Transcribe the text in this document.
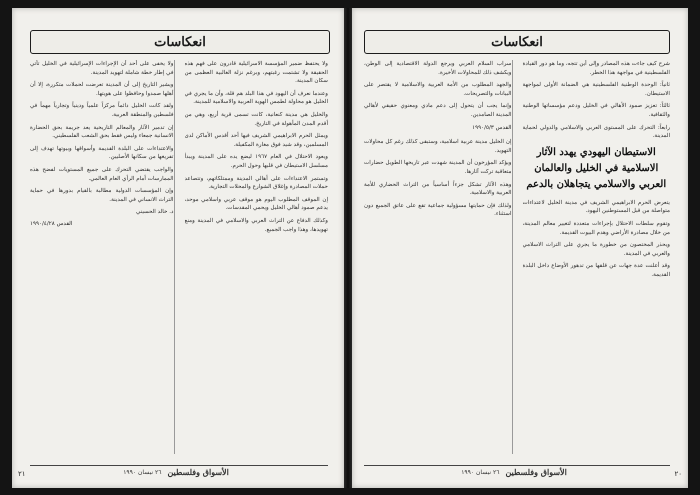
انعكاسات

ولا يحتفظ ضمير المؤسسة الاسرائيلية قادرون على فهم هذه الحقيقة ولا تشتمت رغبتهم، وبرغم نزلة الغالبية العظمى من سكان المدينة.

وعندما نعرف أن اليهود في هذا البلد هم قلة، وأن ما يجري في الخليل هو محاولة لطمس الهوية العربية والاسلامية للمدينة.

والخليل هي مدينة كنعانية، كانت تسمى قرية أربع، وهي من أقدم المدن المأهولة في التاريخ.

ويمثل الحرم الابراهيمي الشريف فيها أحد أقدس الأماكن لدى المسلمين، وقد شيد فوق مغارة المكفيلة.

ويعود الاحتلال في العام ١٩٦٧ ليضع يده على المدينة ويبدأ مسلسل الاستيطان في قلبها وحول الحرم.

وتستمر الاعتداءات على أهالي المدينة وممتلكاتهم، وتتصاعد حملات المصادرة وإغلاق الشوارع والمحلات التجارية.

إن الموقف المطلوب اليوم هو موقف عربي واسلامي موحد، يدعم صمود أهالي الخليل ويحمي المقدسات.

وكذلك الدفاع عن التراث العربي والاسلامي في المدينة ومنع تهويدها، وهذا واجب الجميع.

ولا يخفى على أحد أن الإجراءات الإسرائيلية في الخليل تأتي في إطار خطة شاملة لتهويد المدينة.

ويشير التاريخ إلى أن المدينة تعرضت لحملات متكررة، إلا أن أهلها صمدوا وحافظوا على هويتها.

ولقد كانت الخليل دائماً مركزاً علمياً ودينياً وتجارياً مهماً في فلسطين والمنطقة العربية.

إن تدمير الآثار والمعالم التاريخية يعد جريمة بحق الحضارة الانسانية جمعاء وليس فقط بحق الشعب الفلسطيني.

والاعتداءات على البلدة القديمة وأسواقها وبيوتها تهدف إلى تفريغها من سكانها الأصليين.

والواجب يقتضي التحرك على جميع المستويات لفضح هذه الممارسات أمام الرأي العام العالمي.

وإن المؤسسات الدولية مطالبة بالقيام بدورها في حماية التراث الانساني في المدينة.

د. خالد الحسيني

القدس ١٩٩٠/٤/٢٨
الأسواق وفلسطين
٢٦ نيسان ١٩٩٠
٢١
انعكاسات

شرح كيف جاءت هذه المصادر وإلى أين تتجه، وما هو دور القيادة الفلسطينية في مواجهة هذا الخطر.

ثانياً: الوحدة الوطنية الفلسطينية هي الضمانة الأولى لمواجهة الاستيطان.

ثالثاً: تعزيز صمود الأهالي في الخليل ودعم مؤسساتها الوطنية والثقافية.

رابعاً: التحرك على المستوى العربي والاسلامي والدولي لحماية المدينة.

الاستيطان اليهودي يهدد الآثار الاسلامية في الخليل والعالمان العربي والاسلامي يتجاهلان بالدعم

يتعرض الحرم الابراهيمي الشريف في مدينة الخليل لاعتداءات متواصلة من قبل المستوطنين اليهود.

وتقوم سلطات الاحتلال بإجراءات متعددة لتغيير معالم المدينة، من خلال مصادرة الأراضي وهدم البيوت القديمة.

ويحذر المختصون من خطورة ما يجري على التراث الاسلامي والعربي في المدينة.

وقد أعلنت عدة جهات عن قلقها من تدهور الأوضاع داخل البلدة القديمة.

سراب السلام العربي ويرجع الدولة الاقتصادية إلى الوطن، ويكشف ذلك للمحاولات الأخيرة.

والجهد المطلوب من الأمة العربية والاسلامية لا يقتصر على البيانات والتصريحات.

وإنما يجب أن يتحول إلى دعم مادي ومعنوي حقيقي لأهالي المدينة الصامدين.

القدس ١٩٩٠/٥/٣

إن الخليل مدينة عربية اسلامية، وستبقى كذلك رغم كل محاولات التهويد.

ويؤكد المؤرخون أن المدينة شهدت عبر تاريخها الطويل حضارات متعاقبة تركت آثارها.

وهذه الآثار تشكل جزءاً أساسياً من التراث الحضاري للأمة العربية والاسلامية.

ولذلك فإن حمايتها مسؤولية جماعية تقع على عاتق الجميع دون استثناء.

الأسواق وفلسطين
٢٦ نيسان ١٩٩٠	٢٠
